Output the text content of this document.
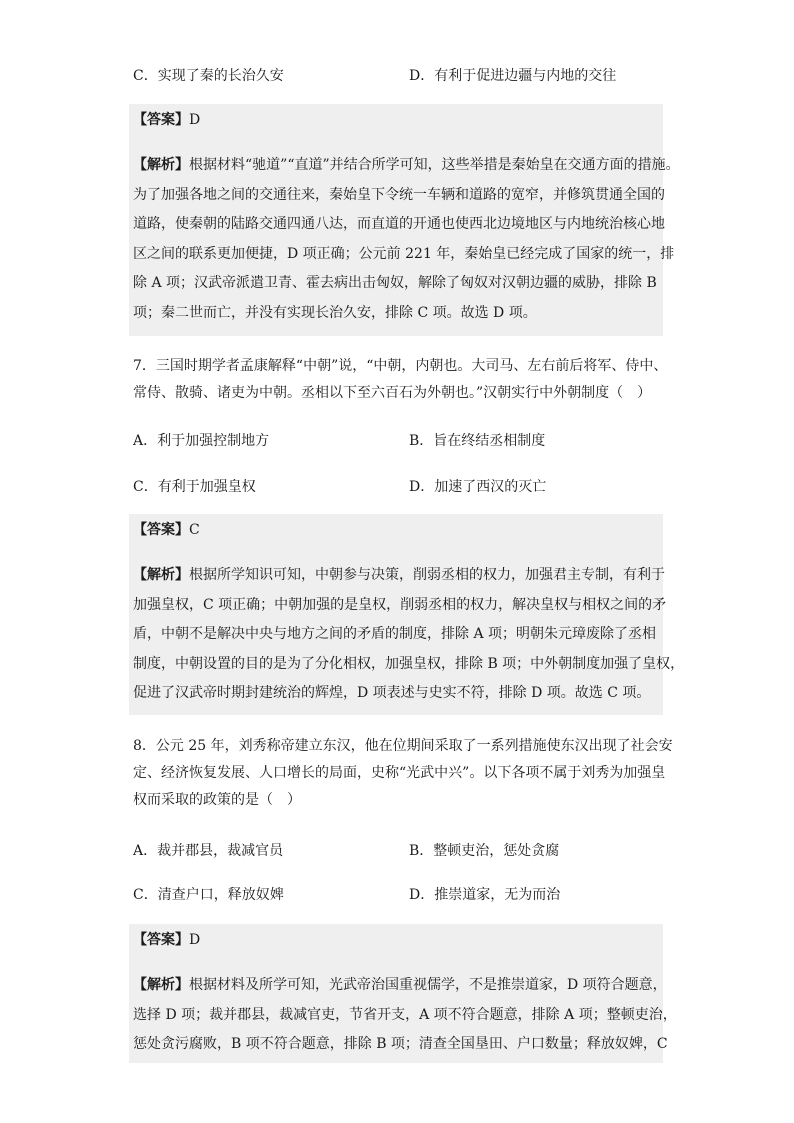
C．实现了秦的长治久安	D．有利于促进边疆与内地的交往
【答案】D

【解析】根据材料“驰道”“直道”并结合所学可知，这些举措是秦始皇在交通方面的措施。

为了加强各地之间的交通往来，秦始皇下令统一车辆和道路的宽窄，并修筑贯通全国的

道路，使秦朝的陆路交通四通八达，而直道的开通也使西北边境地区与内地统治核心地

区之间的联系更加便捷，D 项正确；公元前 221 年，秦始皇已经完成了国家的统一，排

除 A 项；汉武帝派遣卫青、霍去病出击匈奴，解除了匈奴对汉朝边疆的威胁，排除 B

项；秦二世而亡，并没有实现长治久安，排除 C 项。故选 D 项。

7．三国时期学者孟康解释“中朝”说，“中朝，内朝也。大司马、左右前后将军、侍中、

常侍、散骑、诸吏为中朝。丞相以下至六百石为外朝也。”汉朝实行中外朝制度（　）

A．利于加强控制地方	B．旨在终结丞相制度
C．有利于加强皇权	D．加速了西汉的灭亡
【答案】C

【解析】根据所学知识可知，中朝参与决策，削弱丞相的权力，加强君主专制，有利于

加强皇权，C 项正确；中朝加强的是皇权，削弱丞相的权力，解决皇权与相权之间的矛

盾，中朝不是解决中央与地方之间的矛盾的制度，排除 A 项；明朝朱元璋废除了丞相

制度，中朝设置的目的是为了分化相权，加强皇权，排除 B 项；中外朝制度加强了皇权，

促进了汉武帝时期封建统治的辉煌，D 项表述与史实不符，排除 D 项。故选 C 项。

8．公元 25 年，刘秀称帝建立东汉，他在位期间采取了一系列措施使东汉出现了社会安

定、经济恢复发展、人口增长的局面，史称“光武中兴”。以下各项不属于刘秀为加强皇

权而采取的政策的是（　）

A．裁并郡县，裁减官员	B．整顿吏治，惩处贪腐
C．清查户口，释放奴婢	D．推崇道家，无为而治
【答案】D

【解析】根据材料及所学可知，光武帝治国重视儒学，不是推崇道家，D 项符合题意，

选择 D 项；裁并郡县，裁减官吏，节省开支，A 项不符合题意，排除 A 项；整顿吏治，

惩处贪污腐败，B 项不符合题意，排除 B 项；清查全国垦田、户口数量；释放奴婢，C
